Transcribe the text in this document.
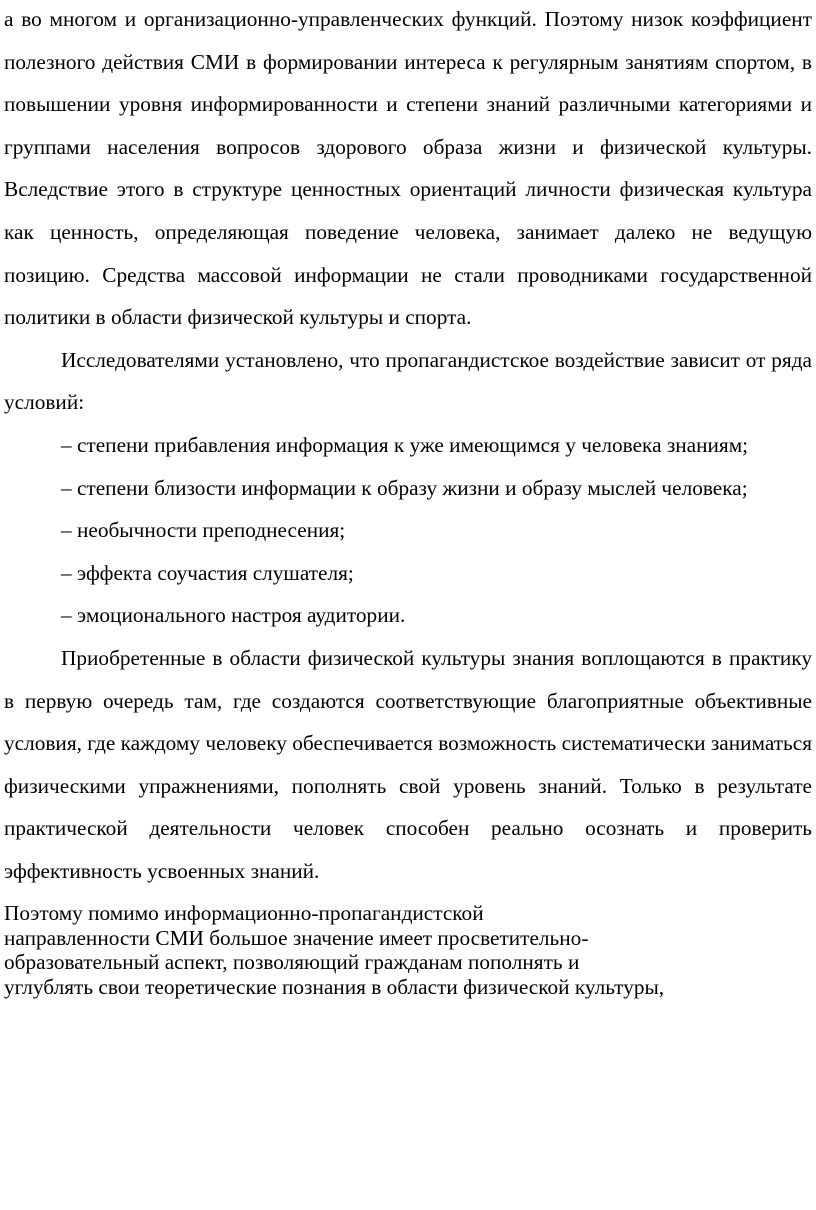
а во многом и организационно-управленческих функций. Поэтому низок коэффициент полезного действия СМИ в формировании интереса к регулярным занятиям спортом, в повышении уровня информированности и степени знаний различными категориями и группами населения вопросов здорового образа жизни и физической культуры. Вследствие этого в структуре ценностных ориентаций личности физическая культура как ценность, определяющая поведение человека, занимает далеко не ведущую позицию. Средства массовой информации не стали проводниками государственной политики в области физической культуры и спорта.

Исследователями установлено, что пропагандистское воздействие зависит от ряда условий:

– степени прибавления информация к уже имеющимся у человека знаниям;

– степени близости информации к образу жизни и образу мыслей человека;

– необычности преподнесения;

– эффекта соучастия слушателя;

– эмоционального настроя аудитории.

Приобретенные в области физической культуры знания воплощаются в практику в первую очередь там, где создаются соответствующие благоприятные объективные условия, где каждому человеку обеспечивается возможность систематически заниматься физическими упражнениями, пополнять свой уровень знаний. Только в результате практической деятельности человек способен реально осознать и проверить эффективность усвоенных знаний.

Поэтому помимо информационно-пропагандистской
направленности СМИ большое значение имеет просветительно-
образовательный аспект, позволяющий гражданам пополнять и
углублять свои теоретические познания в области физической культуры,
